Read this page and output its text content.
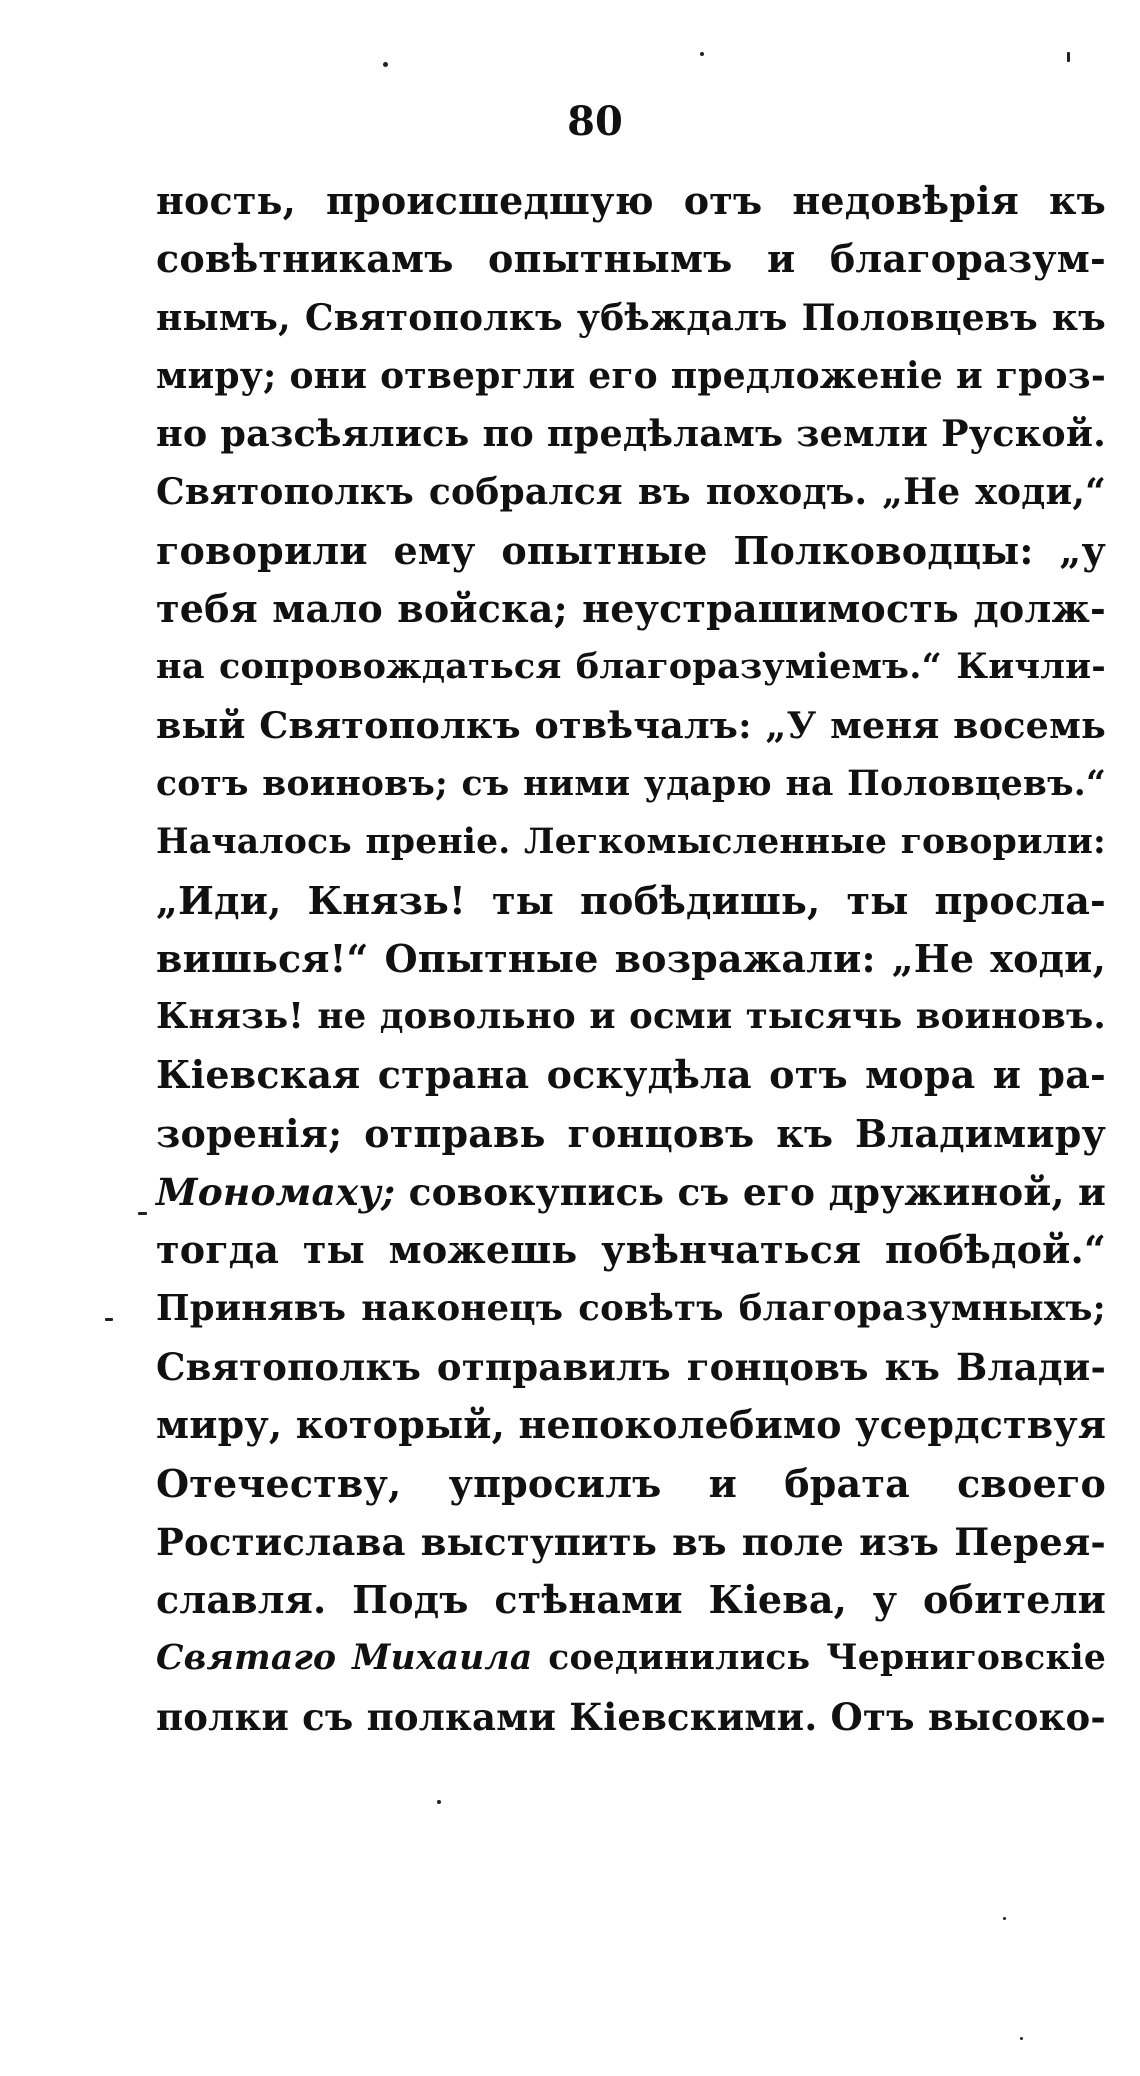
80
ность, происшедшую отъ недовѣрія къ
совѣтникамъ опытнымъ и благоразум-
нымъ, Святополкъ убѣждалъ Половцевъ къ
миру; они отвергли его предложеніе и гроз-
но разсѣялись по предѣламъ земли Руской.
Святополкъ собрался въ походъ. „Не ходи,“
говорили ему опытные Полководцы: „у
тебя мало войска; неустрашимость долж-
на сопровождаться благоразуміемъ.“ Кичли-
вый Святополкъ отвѣчалъ: „У меня восемь
сотъ воиновъ; съ ними ударю на Половцевъ.“
Началось преніе. Легкомысленные говорили:
„Иди, Князь! ты побѣдишь, ты просла-
вишься!“ Опытные возражали: „Не ходи,
Князь! не довольно и осми тысячь воиновъ.
Кіевская страна оскудѣла отъ мора и ра-
зоренія; отправь гонцовъ къ Владимиру
Мономаху; совокупись съ его дружиной, и
тогда ты можешь увѣнчаться побѣдой.“
Принявъ наконецъ совѣтъ благоразумныхъ;
Святополкъ отправилъ гонцовъ къ Влади-
миру, который, непоколебимо усердствуя
Отечеству, упросилъ и брата своего
Ростислава выступить въ поле изъ Перея-
славля. Подъ стѣнами Кіева, у обители
Святаго Михаила соединились Черниговскіе
полки съ полками Кіевскими. Отъ высоко-
